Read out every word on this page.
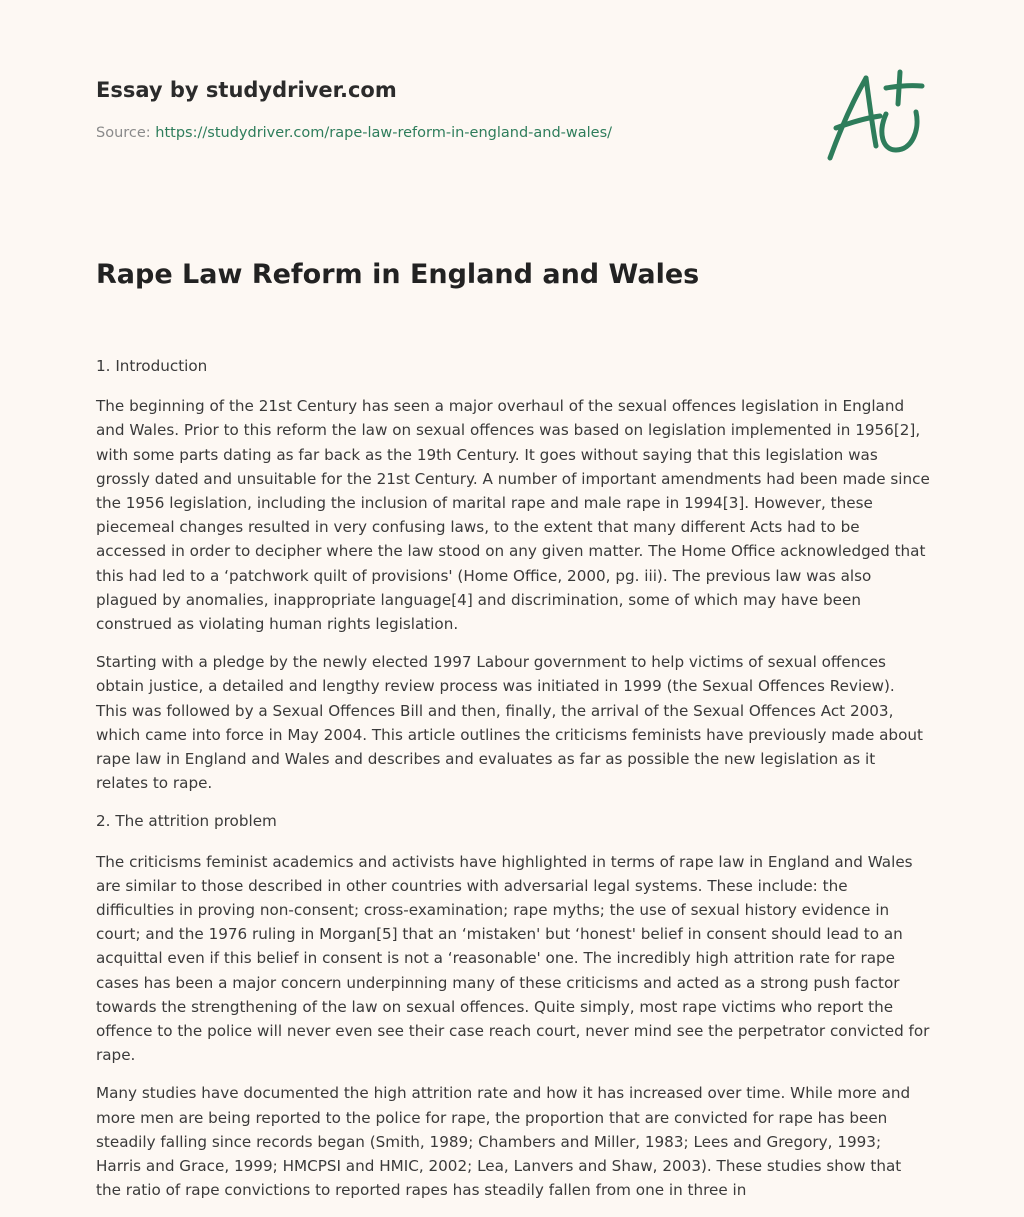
Essay by studydriver.com
Source: https://studydriver.com/rape-law-reform-in-england-and-wales/
Rape Law Reform in England and Wales

1. Introduction

The beginning of the 21st Century has seen a major overhaul of the sexual offences legislation in England and Wales. Prior to this reform the law on sexual offences was based on legislation implemented in 1956[2], with some parts dating as far back as the 19th Century. It goes without saying that this legislation was grossly dated and unsuitable for the 21st Century. A number of important amendments had been made since the 1956 legislation, including the inclusion of marital rape and male rape in 1994[3]. However, these piecemeal changes resulted in very confusing laws, to the extent that many different Acts had to be accessed in order to decipher where the law stood on any given matter. The Home Office acknowledged that this had led to a ‘patchwork quilt of provisions' (Home Office, 2000, pg. iii). The previous law was also plagued by anomalies, inappropriate language[4] and discrimination, some of which may have been construed as violating human rights legislation.

Starting with a pledge by the newly elected 1997 Labour government to help victims of sexual offences obtain justice, a detailed and lengthy review process was initiated in 1999 (the Sexual Offences Review). This was followed by a Sexual Offences Bill and then, finally, the arrival of the Sexual Offences Act 2003, which came into force in May 2004. This article outlines the criticisms feminists have previously made about rape law in England and Wales and describes and evaluates as far as possible the new legislation as it relates to rape.

2. The attrition problem

The criticisms feminist academics and activists have highlighted in terms of rape law in England and Wales are similar to those described in other countries with adversarial legal systems. These include: the difficulties in proving non-consent; cross-examination; rape myths; the use of sexual history evidence in court; and the 1976 ruling in Morgan[5] that an ‘mistaken' but ‘honest' belief in consent should lead to an acquittal even if this belief in consent is not a ‘reasonable' one. The incredibly high attrition rate for rape cases has been a major concern underpinning many of these criticisms and acted as a strong push factor towards the strengthening of the law on sexual offences. Quite simply, most rape victims who report the offence to the police will never even see their case reach court, never mind see the perpetrator convicted for rape.

Many studies have documented the high attrition rate and how it has increased over time. While more and more men are being reported to the police for rape, the proportion that are convicted for rape has been steadily falling since records began (Smith, 1989; Chambers and Miller, 1983; Lees and Gregory, 1993; Harris and Grace, 1999; HMCPSI and HMIC, 2002; Lea, Lanvers and Shaw, 2003). These studies show that the ratio of rape convictions to reported rapes has steadily fallen from one in three in
